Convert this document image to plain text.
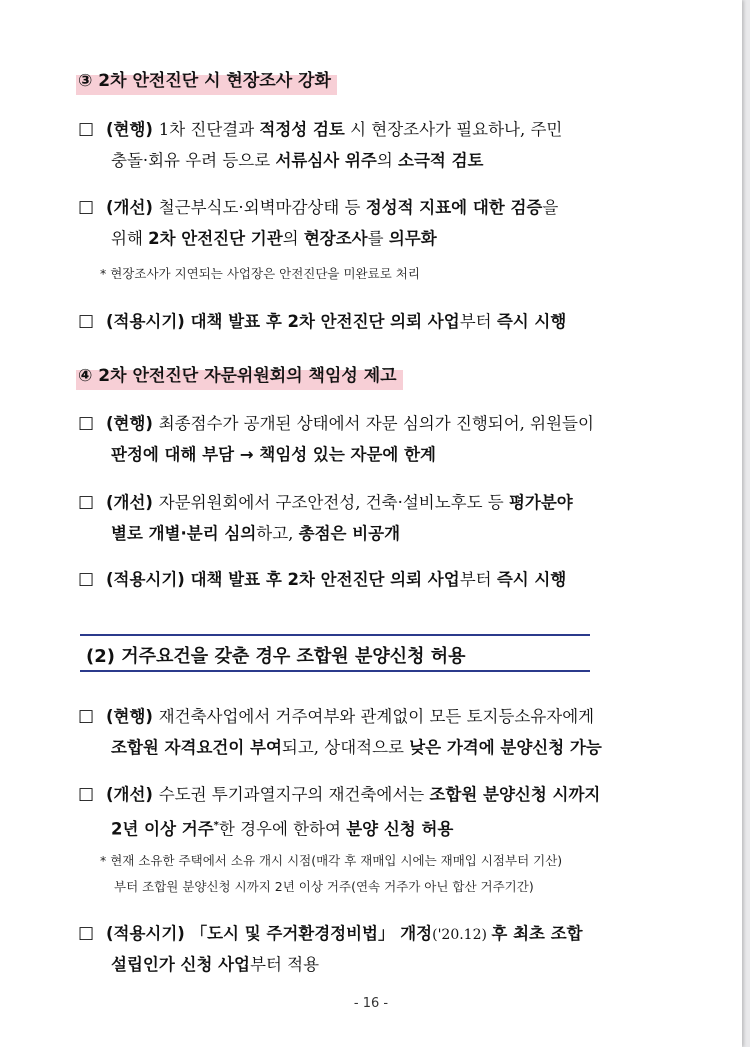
③ 2차 안전진단 시 현장조사 강화
□ (현행) 1차 진단결과 적정성 검토 시 현장조사가 필요하나, 주민
충돌·회유 우려 등으로 서류심사 위주의 소극적 검토
□ (개선) 철근부식도·외벽마감상태 등 정성적 지표에 대한 검증을
위해 2차 안전진단 기관의 현장조사를 의무화
* 현장조사가 지연되는 사업장은 안전진단을 미완료로 처리
□ (적용시기) 대책 발표 후 2차 안전진단 의뢰 사업부터 즉시 시행
④ 2차 안전진단 자문위원회의 책임성 제고
□ (현행) 최종점수가 공개된 상태에서 자문 심의가 진행되어, 위원들이
판정에 대해 부담 → 책임성 있는 자문에 한계
□ (개선) 자문위원회에서 구조안전성, 건축·설비노후도 등 평가분야
별로 개별·분리 심의하고, 총점은 비공개
□ (적용시기) 대책 발표 후 2차 안전진단 의뢰 사업부터 즉시 시행
(2) 거주요건을 갖춘 경우 조합원 분양신청 허용
□ (현행) 재건축사업에서 거주여부와 관계없이 모든 토지등소유자에게
조합원 자격요건이 부여되고, 상대적으로 낮은 가격에 분양신청 가능
□ (개선) 수도권 투기과열지구의 재건축에서는 조합원 분양신청 시까지
2년 이상 거주*한 경우에 한하여 분양 신청 허용
* 현재 소유한 주택에서 소유 개시 시점(매각 후 재매입 시에는 재매입 시점부터 기산)
부터 조합원 분양신청 시까지 2년 이상 거주(연속 거주가 아닌 합산 거주기간)
□ (적용시기) 「도시 및 주거환경정비법」 개정('20.12) 후 최초 조합
설립인가 신청 사업부터 적용
- 16 -
